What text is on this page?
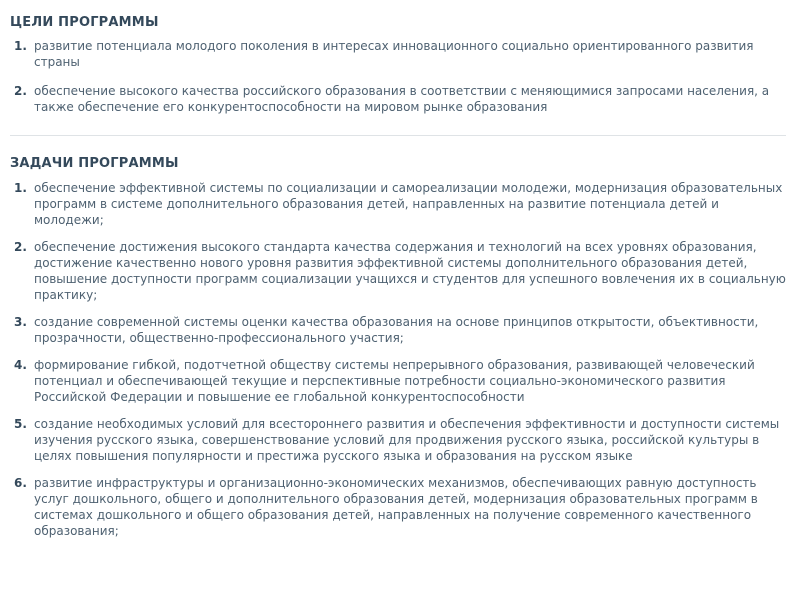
ЦЕЛИ ПРОГРАММЫ
1. развитие потенциала молодого поколения в интересах инновационного социально ориентированного развития страны
2. обеспечение высокого качества российского образования в соответствии с меняющимися запросами населения, а также обеспечение его конкурентоспособности на мировом рынке образования
ЗАДАЧИ ПРОГРАММЫ
1. обеспечение эффективной системы по социализации и самореализации молодежи, модернизация образовательных программ в системе дополнительного образования детей, направленных на развитие потенциала детей и молодежи;
2. обеспечение достижения высокого стандарта качества содержания и технологий на всех уровнях образования, достижение качественно нового уровня развития эффективной системы дополнительного образования детей, повышение доступности программ социализации учащихся и студентов для успешного вовлечения их в социальную практику;
3. создание современной системы оценки качества образования на основе принципов открытости, объективности, прозрачности, общественно-профессионального участия;
4. формирование гибкой, подотчетной обществу системы непрерывного образования, развивающей человеческий потенциал и обеспечивающей текущие и перспективные потребности социально-экономического развития Российской Федерации и повышение ее глобальной конкурентоспособности
5. создание необходимых условий для всестороннего развития и обеспечения эффективности и доступности системы изучения русского языка, совершенствование условий для продвижения русского языка, российской культуры в целях повышения популярности и престижа русского языка и образования на русском языке
6. развитие инфраструктуры и организационно-экономических механизмов, обеспечивающих равную доступность услуг дошкольного, общего и дополнительного образования детей, модернизация образовательных программ в системах дошкольного и общего образования детей, направленных на получение современного качественного образования;
